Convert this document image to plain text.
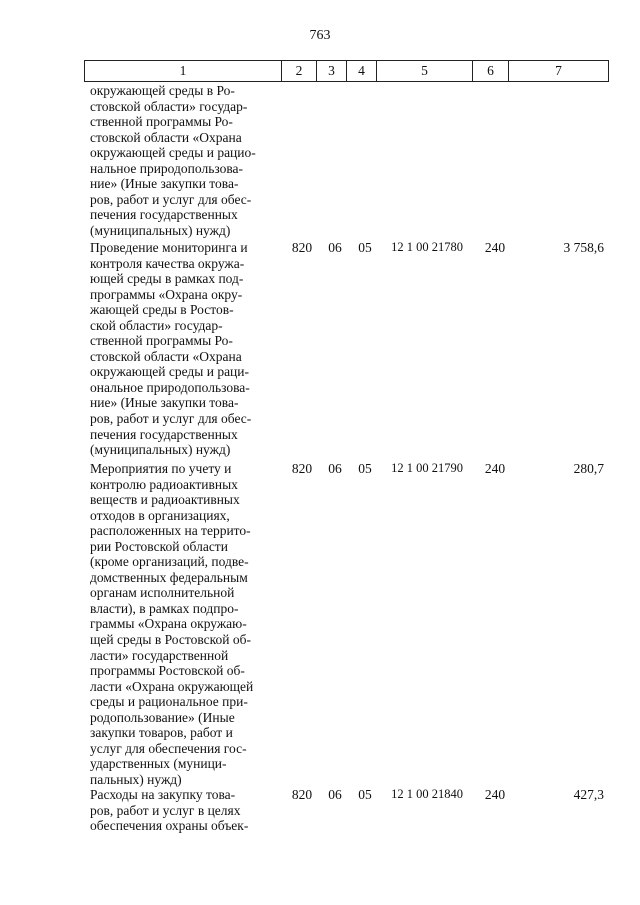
763
1	2	3	4	5	6	7
окружающей среды в Ро-
стовской области» государ-
ственной программы Ро-
стовской области «Охрана
окружающей среды и рацио-
нальное природопользова-
ние» (Иные закупки това-
ров, работ и услуг для обес-
печения государственных
(муниципальных) нужд)
Проведение мониторинга и
контроля качества окружа-
ющей среды в рамках под-
программы «Охрана окру-
жающей среды в Ростов-
ской области» государ-
ственной программы Ро-
стовской области «Охрана
окружающей среды и раци-
ональное природопользова-
ние» (Иные закупки това-
ров, работ и услуг для обес-
печения государственных
(муниципальных) нужд)
820	06	05	12 1 00 21780	240	3 758,6
Мероприятия по учету и
контролю радиоактивных
веществ и радиоактивных
отходов в организациях,
расположенных на террито-
рии Ростовской области
(кроме организаций, подве-
домственных федеральным
органам исполнительной
власти), в рамках подпро-
граммы «Охрана окружаю-
щей среды в Ростовской об-
ласти» государственной
программы Ростовской об-
ласти «Охрана окружающей
среды и рациональное при-
родопользование» (Иные
закупки товаров, работ и
услуг для обеспечения гос-
ударственных (муници-
пальных) нужд)
820	06	05	12 1 00 21790	240	280,7
Расходы на закупку това-
ров, работ и услуг в целях
обеспечения охраны объек-
820	06	05	12 1 00 21840	240	427,3
